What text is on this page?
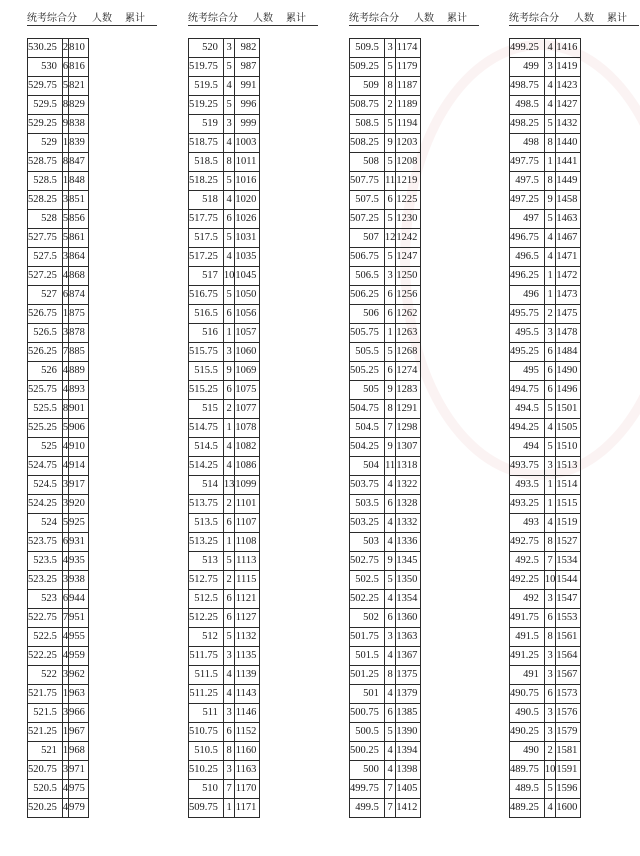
统考综合分 人数 累计
530.25	2	810
530	6	816
529.75	5	821
529.5	8	829
529.25	9	838
529	1	839
528.75	8	847
528.5	1	848
528.25	3	851
528	5	856
527.75	5	861
527.5	3	864
527.25	4	868
527	6	874
526.75	1	875
526.5	3	878
526.25	7	885
526	4	889
525.75	4	893
525.5	8	901
525.25	5	906
525	4	910
524.75	4	914
524.5	3	917
524.25	3	920
524	5	925
523.75	6	931
523.5	4	935
523.25	3	938
523	6	944
522.75	7	951
522.5	4	955
522.25	4	959
522	3	962
521.75	1	963
521.5	3	966
521.25	1	967
521	1	968
520.75	3	971
520.5	4	975
520.25	4	979
统考综合分 人数 累计
520	3	982
519.75	5	987
519.5	4	991
519.25	5	996
519	3	999
518.75	4	1003
518.5	8	1011
518.25	5	1016
518	4	1020
517.75	6	1026
517.5	5	1031
517.25	4	1035
517	10	1045
516.75	5	1050
516.5	6	1056
516	1	1057
515.75	3	1060
515.5	9	1069
515.25	6	1075
515	2	1077
514.75	1	1078
514.5	4	1082
514.25	4	1086
514	13	1099
513.75	2	1101
513.5	6	1107
513.25	1	1108
513	5	1113
512.75	2	1115
512.5	6	1121
512.25	6	1127
512	5	1132
511.75	3	1135
511.5	4	1139
511.25	4	1143
511	3	1146
510.75	6	1152
510.5	8	1160
510.25	3	1163
510	7	1170
509.75	1	1171
统考综合分 人数 累计
509.5	3	1174
509.25	5	1179
509	8	1187
508.75	2	1189
508.5	5	1194
508.25	9	1203
508	5	1208
507.75	11	1219
507.5	6	1225
507.25	5	1230
507	12	1242
506.75	5	1247
506.5	3	1250
506.25	6	1256
506	6	1262
505.75	1	1263
505.5	5	1268
505.25	6	1274
505	9	1283
504.75	8	1291
504.5	7	1298
504.25	9	1307
504	11	1318
503.75	4	1322
503.5	6	1328
503.25	4	1332
503	4	1336
502.75	9	1345
502.5	5	1350
502.25	4	1354
502	6	1360
501.75	3	1363
501.5	4	1367
501.25	8	1375
501	4	1379
500.75	6	1385
500.5	5	1390
500.25	4	1394
500	4	1398
499.75	7	1405
499.5	7	1412
统考综合分 人数 累计
499.25	4	1416
499	3	1419
498.75	4	1423
498.5	4	1427
498.25	5	1432
498	8	1440
497.75	1	1441
497.5	8	1449
497.25	9	1458
497	5	1463
496.75	4	1467
496.5	4	1471
496.25	1	1472
496	1	1473
495.75	2	1475
495.5	3	1478
495.25	6	1484
495	6	1490
494.75	6	1496
494.5	5	1501
494.25	4	1505
494	5	1510
493.75	3	1513
493.5	1	1514
493.25	1	1515
493	4	1519
492.75	8	1527
492.5	7	1534
492.25	10	1544
492	3	1547
491.75	6	1553
491.5	8	1561
491.25	3	1564
491	3	1567
490.75	6	1573
490.5	3	1576
490.25	3	1579
490	2	1581
489.75	10	1591
489.5	5	1596
489.25	4	1600
